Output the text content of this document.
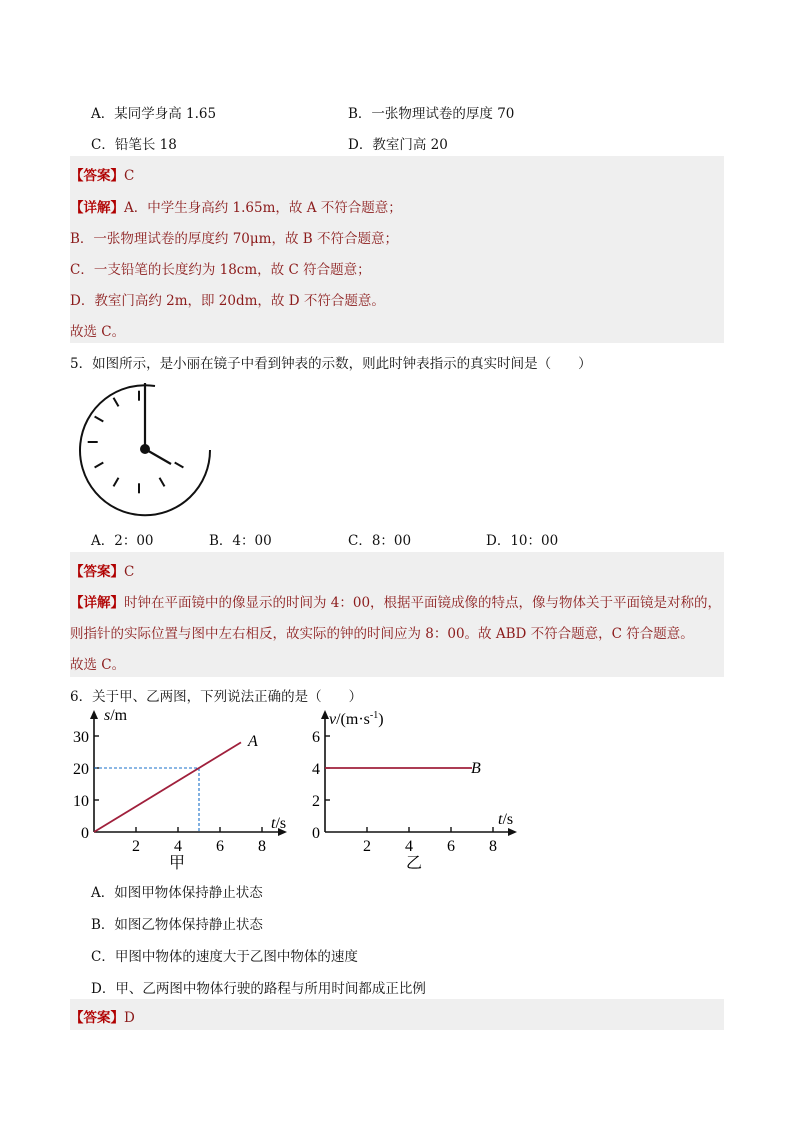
A．某同学身高 1.65	B．一张物理试卷的厚度 70
C．铅笔长 18	D．教室门高 20
【答案】C
【详解】A．中学生身高约 1.65m，故 A 不符合题意；
B．一张物理试卷的厚度约 70μm，故 B 不符合题意；
C．一支铅笔的长度约为 18cm，故 C 符合题意；
D．教室门高约 2m，即 20dm，故 D 不符合题意。
故选 C。
5．如图所示，是小丽在镜子中看到钟表的示数，则此时钟表指示的真实时间是（　　）
A．2：00	B．4：00	C．8：00	D．10：00
【答案】C
【详解】时钟在平面镜中的像显示的时间为 4：00，根据平面镜成像的特点，像与物体关于平面镜是对称的，
则指针的实际位置与图中左右相反，故实际的钟的时间应为 8：00。故 ABD 不符合题意，C 符合题意。
故选 C。
6．关于甲、乙两图，下列说法正确的是（　　）
2 4 6 8
0
10
20
30
s/m
t/s
A
甲
2 4 6 8
0
2
4
6
$v/(m\cdot s^{-1})$
t/s
B
乙
A．如图甲物体保持静止状态
B．如图乙物体保持静止状态
C．甲图中物体的速度大于乙图中物体的速度
D．甲、乙两图中物体行驶的路程与所用时间都成正比例
【答案】D
